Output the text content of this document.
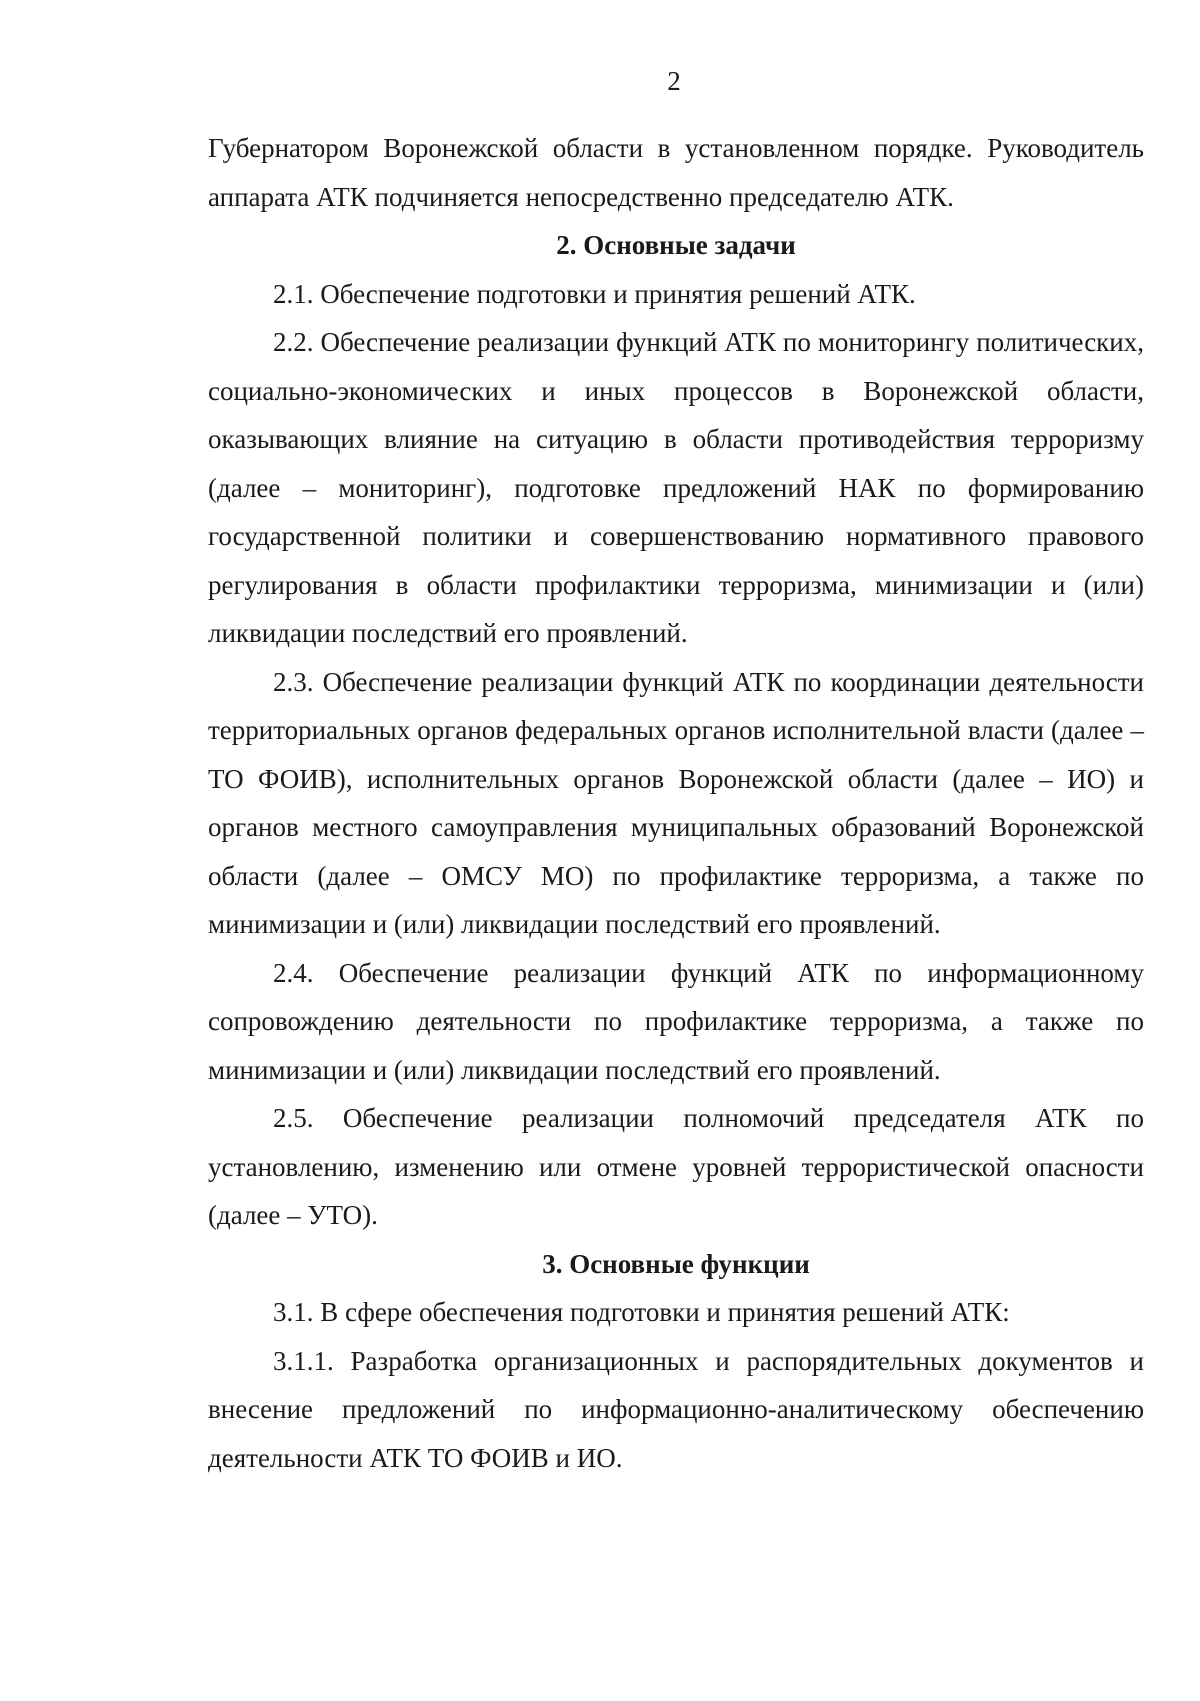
2

Губернатором Воронежской области в установленном порядке. Руководитель аппарата АТК подчиняется непосредственно председателю АТК.

2. Основные задачи

2.1. Обеспечение подготовки и принятия решений АТК.

2.2. Обеспечение реализации функций АТК по мониторингу политических, социально-экономических и иных процессов в Воронежской области, оказывающих влияние на ситуацию в области противодействия терроризму (далее – мониторинг), подготовке предложений НАК по формированию государственной политики и совершенствованию нормативного правового регулирования в области профилактики терроризма, минимизации и (или) ликвидации последствий его проявлений.

2.3. Обеспечение реализации функций АТК по координации деятельности территориальных органов федеральных органов исполнительной власти (далее – ТО ФОИВ), исполнительных органов Воронежской области (далее – ИО) и органов местного самоуправления муниципальных образований Воронежской области (далее – ОМСУ МО) по профилактике терроризма, а также по минимизации и (или) ликвидации последствий его проявлений.

2.4. Обеспечение реализации функций АТК по информационному сопровождению деятельности по профилактике терроризма, а также по минимизации и (или) ликвидации последствий его проявлений.

2.5. Обеспечение реализации полномочий председателя АТК по установлению, изменению или отмене уровней террористической опасности (далее – УТО).

3. Основные функции

3.1. В сфере обеспечения подготовки и принятия решений АТК:

3.1.1. Разработка организационных и распорядительных документов и внесение предложений по информационно-аналитическому обеспечению деятельности АТК ТО ФОИВ и ИО.
